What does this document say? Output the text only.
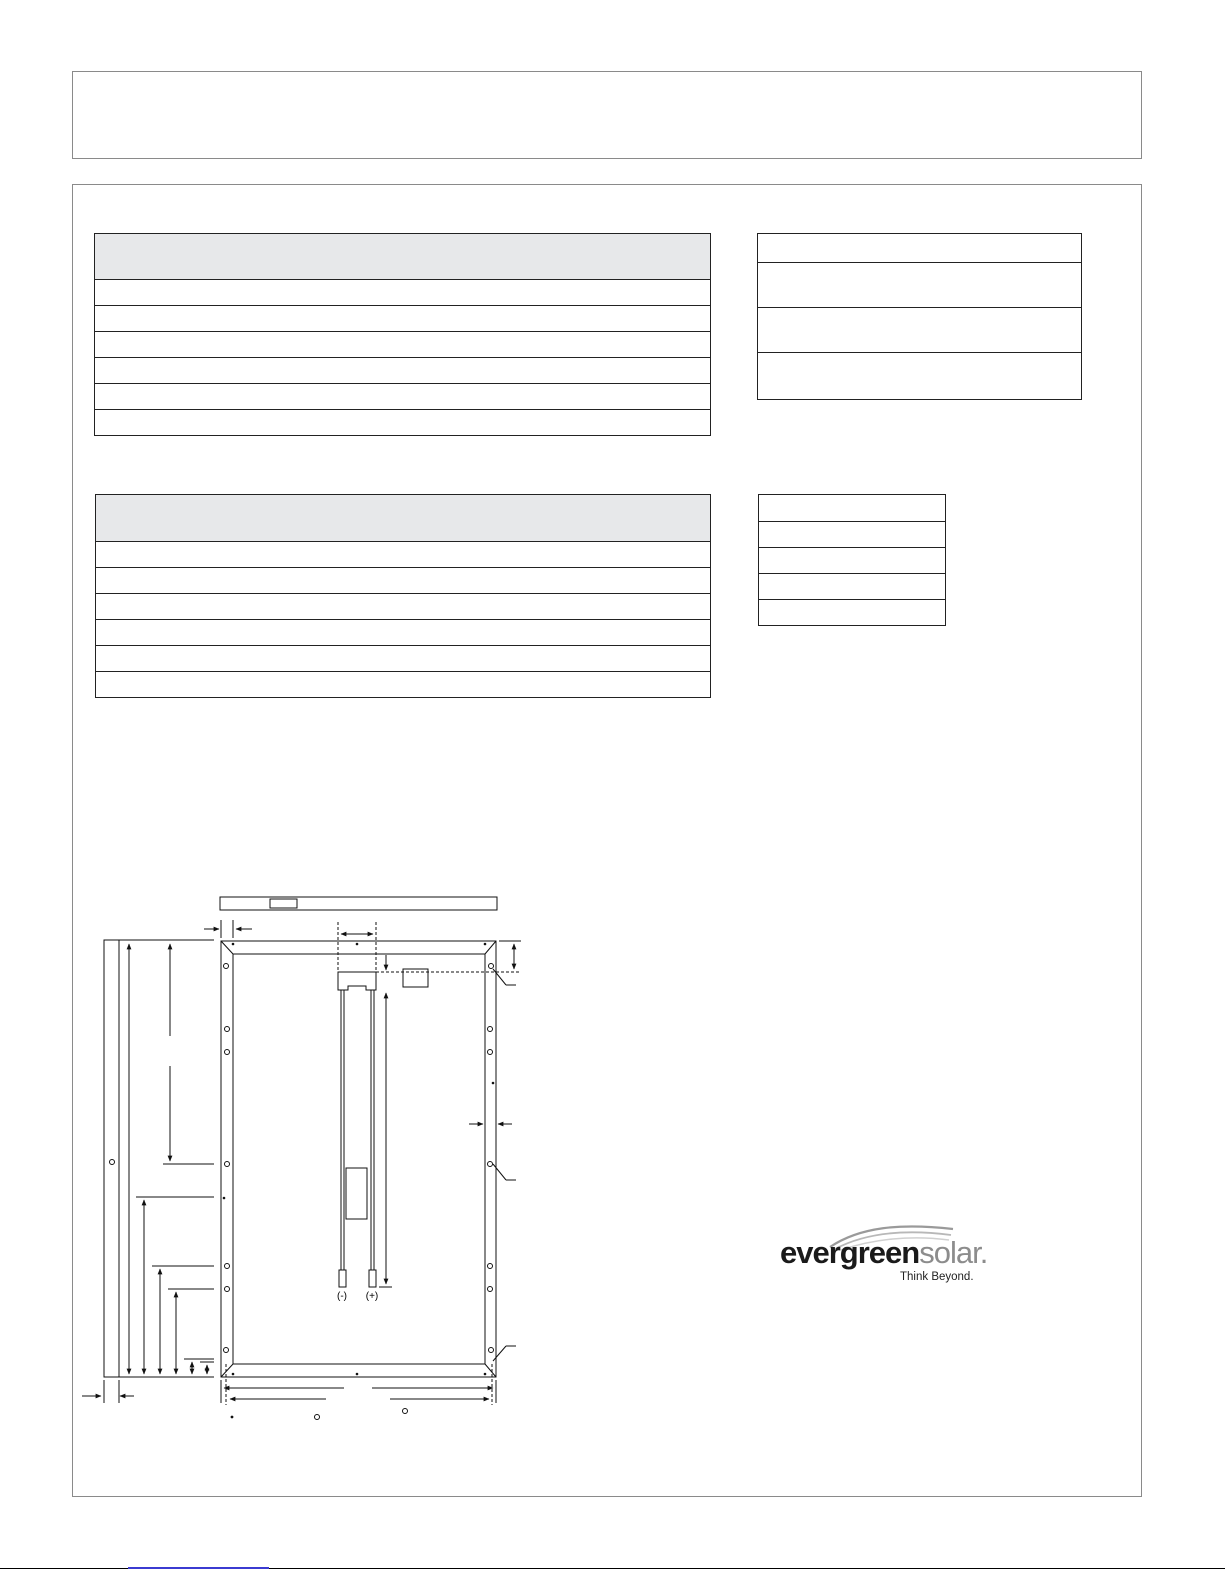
(-) (+)
evergreensolar.
Think Beyond.
